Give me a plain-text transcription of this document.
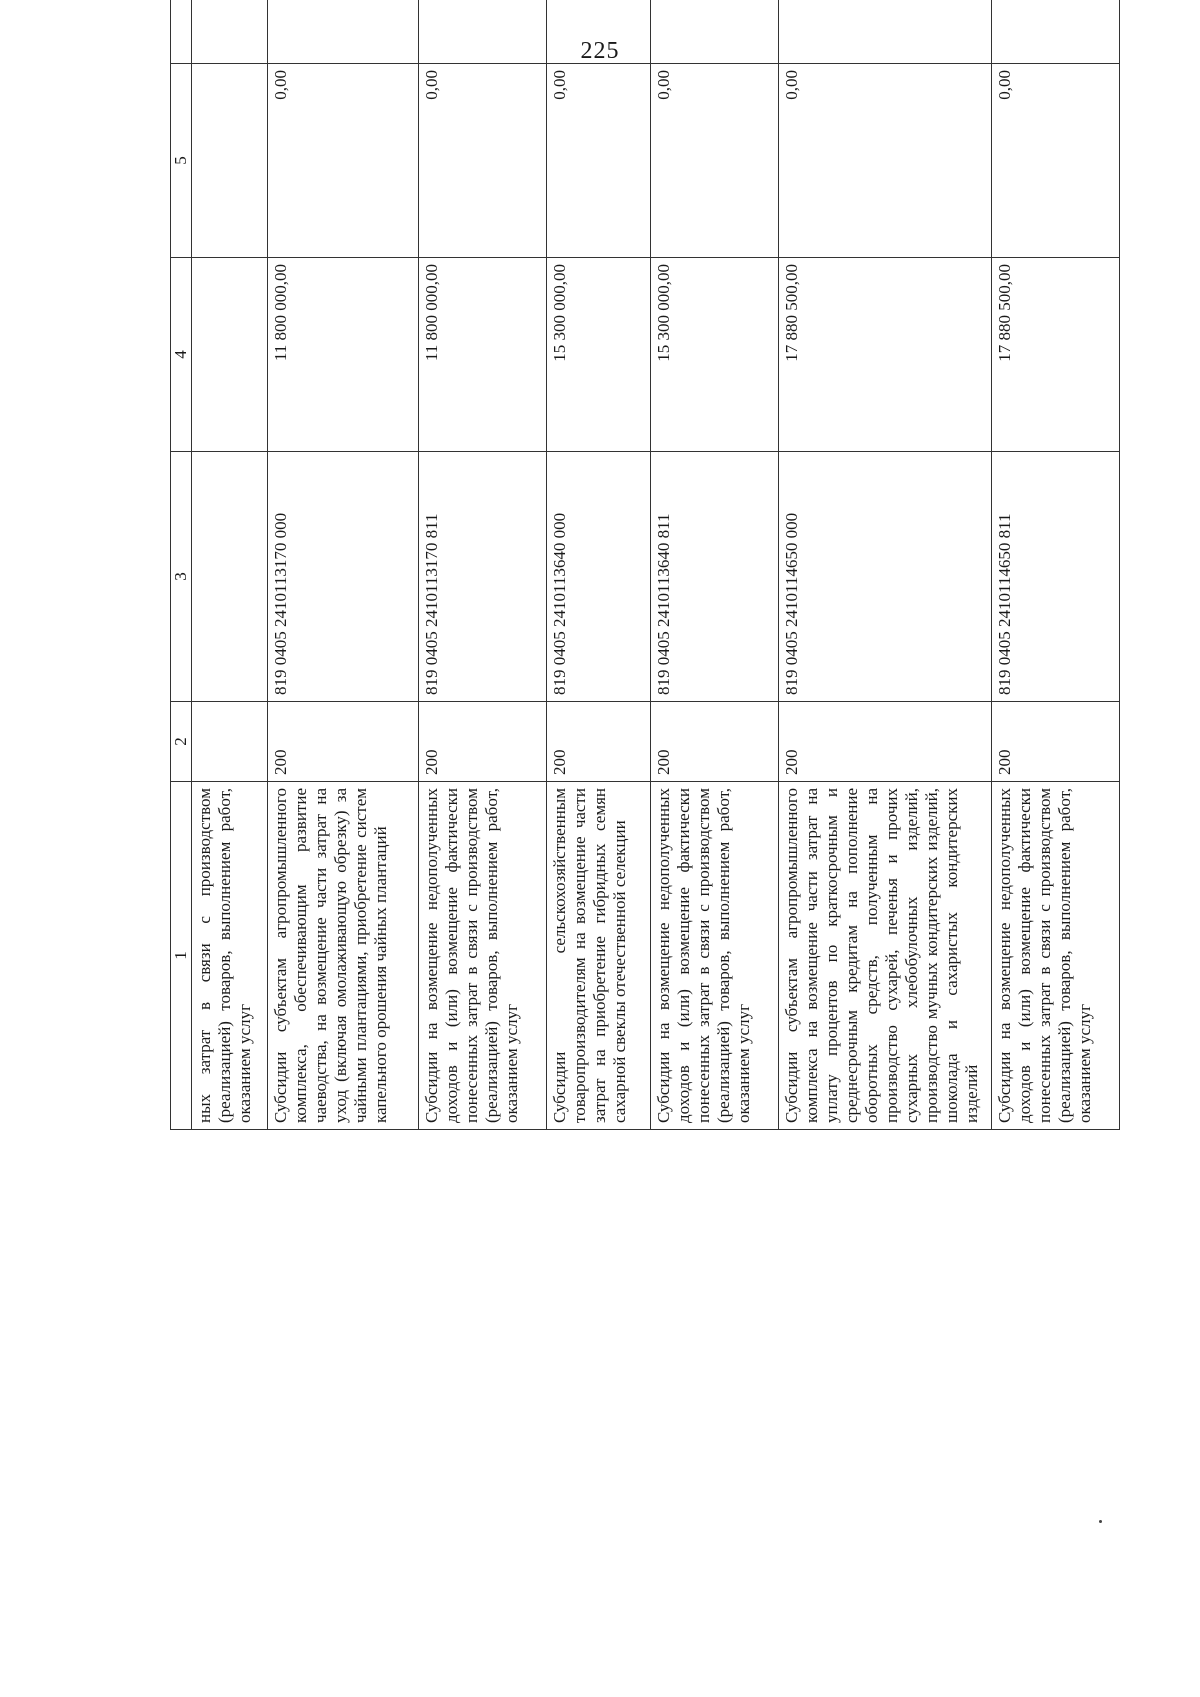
225
1	2	3	4	5	
ных затрат в связи с производством (реализацией) товаров, выполнением работ, оказанием услуг					
Субсидии субъектам агропромышленного комплекса, обеспечивающим развитие чаеводства, на возмещение части затрат на уход (включая омолаживающую обрезку) за чайными плантациями, приобретение систем капельного орошения чайных плантаций	200	819 0405 2410113170 000	11 800 000,00	0,00	
Субсидии на возмещение недополученных доходов и (или) возмещение фактически понесенных затрат в связи с производством (реализацией) товаров, выполнением работ, оказанием услуг	200	819 0405 2410113170 811	11 800 000,00	0,00	
Субсидии сельскохозяйственным товаропроизводителям на возмещение части затрат на приобретение гибридных семян сахарной свеклы отечественной селекции	200	819 0405 2410113640 000	15 300 000,00	0,00	
Субсидии на возмещение недополученных доходов и (или) возмещение фактически понесенных затрат в связи с производством (реализацией) товаров, выполнением работ, оказанием услуг	200	819 0405 2410113640 811	15 300 000,00	0,00	
Субсидии субъектам агропромышленного комплекса на возмещение части затрат на уплату процентов по краткосрочным и среднесрочным кредитам на пополнение оборотных средств, полученным на производство сухарей, печенья и прочих сухарных хлебобулочных изделий, производство мучных кондитерских изделий, шоколада и сахаристых кондитерских изделий	200	819 0405 2410114650 000	17 880 500,00	0,00	
Субсидии на возмещение недополученных доходов и (или) возмещение фактически понесенных затрат в связи с производством (реализацией) товаров, выполнением работ, оказанием услуг	200	819 0405 2410114650 811	17 880 500,00	0,00	
